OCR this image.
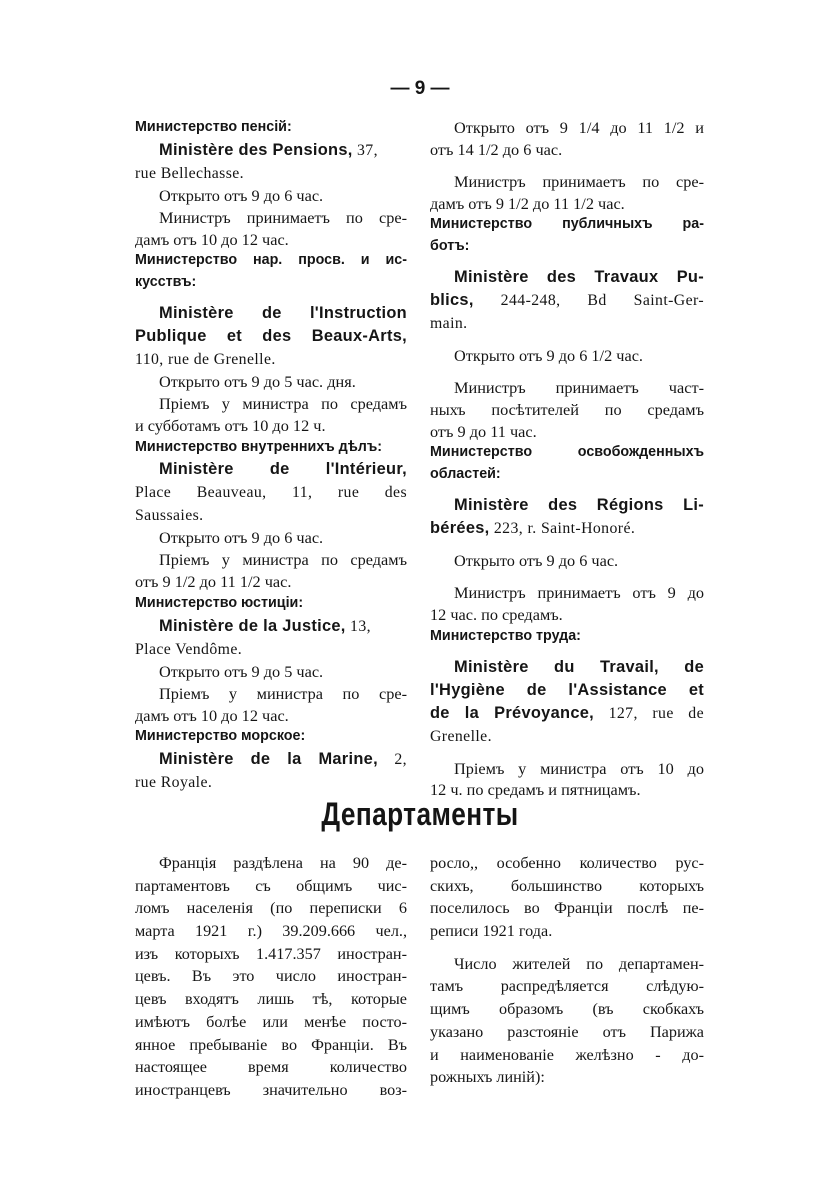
— 9 —
Министерство пенсій:
Ministère des Pensions, 37,
rue Bellechasse.
Открыто отъ 9 до 6 час.
Министръ принимаетъ по сре-
дамъ отъ 10 до 12 час.
Министерство нар. просв. и ис-
кусствъ:
Ministère de l'Instruction
Publique et des Beaux-Arts,
110, rue de Grenelle.
Открыто отъ 9 до 5 час. дня.
Пріемъ у министра по средамъ
и субботамъ отъ 10 до 12 ч.
Министерство внутреннихъ дѣлъ:
Ministère de l'Intérieur,
Place Beauveau, 11, rue des
Saussaies.
Открыто отъ 9 до 6 час.
Пріемъ у министра по средамъ
отъ 9 1/2 до 11 1/2 час.
Министерство юстиціи:
Ministère de la Justice, 13,
Place Vendôme.
Открыто отъ 9 до 5 час.
Пріемъ у министра по сре-
дамъ отъ 10 до 12 час.
Министерство морское:
Ministère de la Marine, 2,
rue Royale.
Открыто отъ 9 1/4 до 11 1/2 и
отъ 14 1/2 до 6 час.
Министръ принимаетъ по сре-
дамъ отъ 9 1/2 до 11 1/2 час.
Министерство публичныхъ ра-
ботъ:
Ministère des Travaux Pu-
blics, 244-248, Bd Saint-Ger-
main.
Открыто отъ 9 до 6 1/2 час.
Министръ принимаетъ част-
ныхъ посѣтителей по средамъ
отъ 9 до 11 час.
Министерство освобожденныхъ
областей:
Ministère des Régions Li-
bérées, 223, r. Saint-Honoré.
Открыто отъ 9 до 6 час.
Министръ принимаетъ отъ 9 до
12 час. по средамъ.
Министерство труда:
Ministère du Travail, de
l'Hygiène de l'Assistance et
de la Prévoyance, 127, rue de
Grenelle.
Пріемъ у министра отъ 10 до
12 ч. по средамъ и пятницамъ.
Департаменты
Франція раздѣлена на 90 де-
партаментовъ съ общимъ чис-
ломъ населенія (по переписки 6
марта 1921 г.) 39.209.666 чел.,
изъ которыхъ 1.417.357 иностран-
цевъ. Въ это число иностран-
цевъ входятъ лишь тѣ, которые
имѣютъ болѣе или менѣе посто-
янное пребываніе во Франціи. Въ
настоящее время количество
иностранцевъ значительно воз-
росло,, особенно количество рус-
скихъ, большинство которыхъ
поселилось во Франціи послѣ пе-
реписи 1921 года.
Число жителей по департамен-
тамъ распредѣляется слѣдую-
щимъ образомъ (въ скобкахъ
указано разстояніе отъ Парижа
и наименованіе желѣзно - до-
рожныхъ линій):
